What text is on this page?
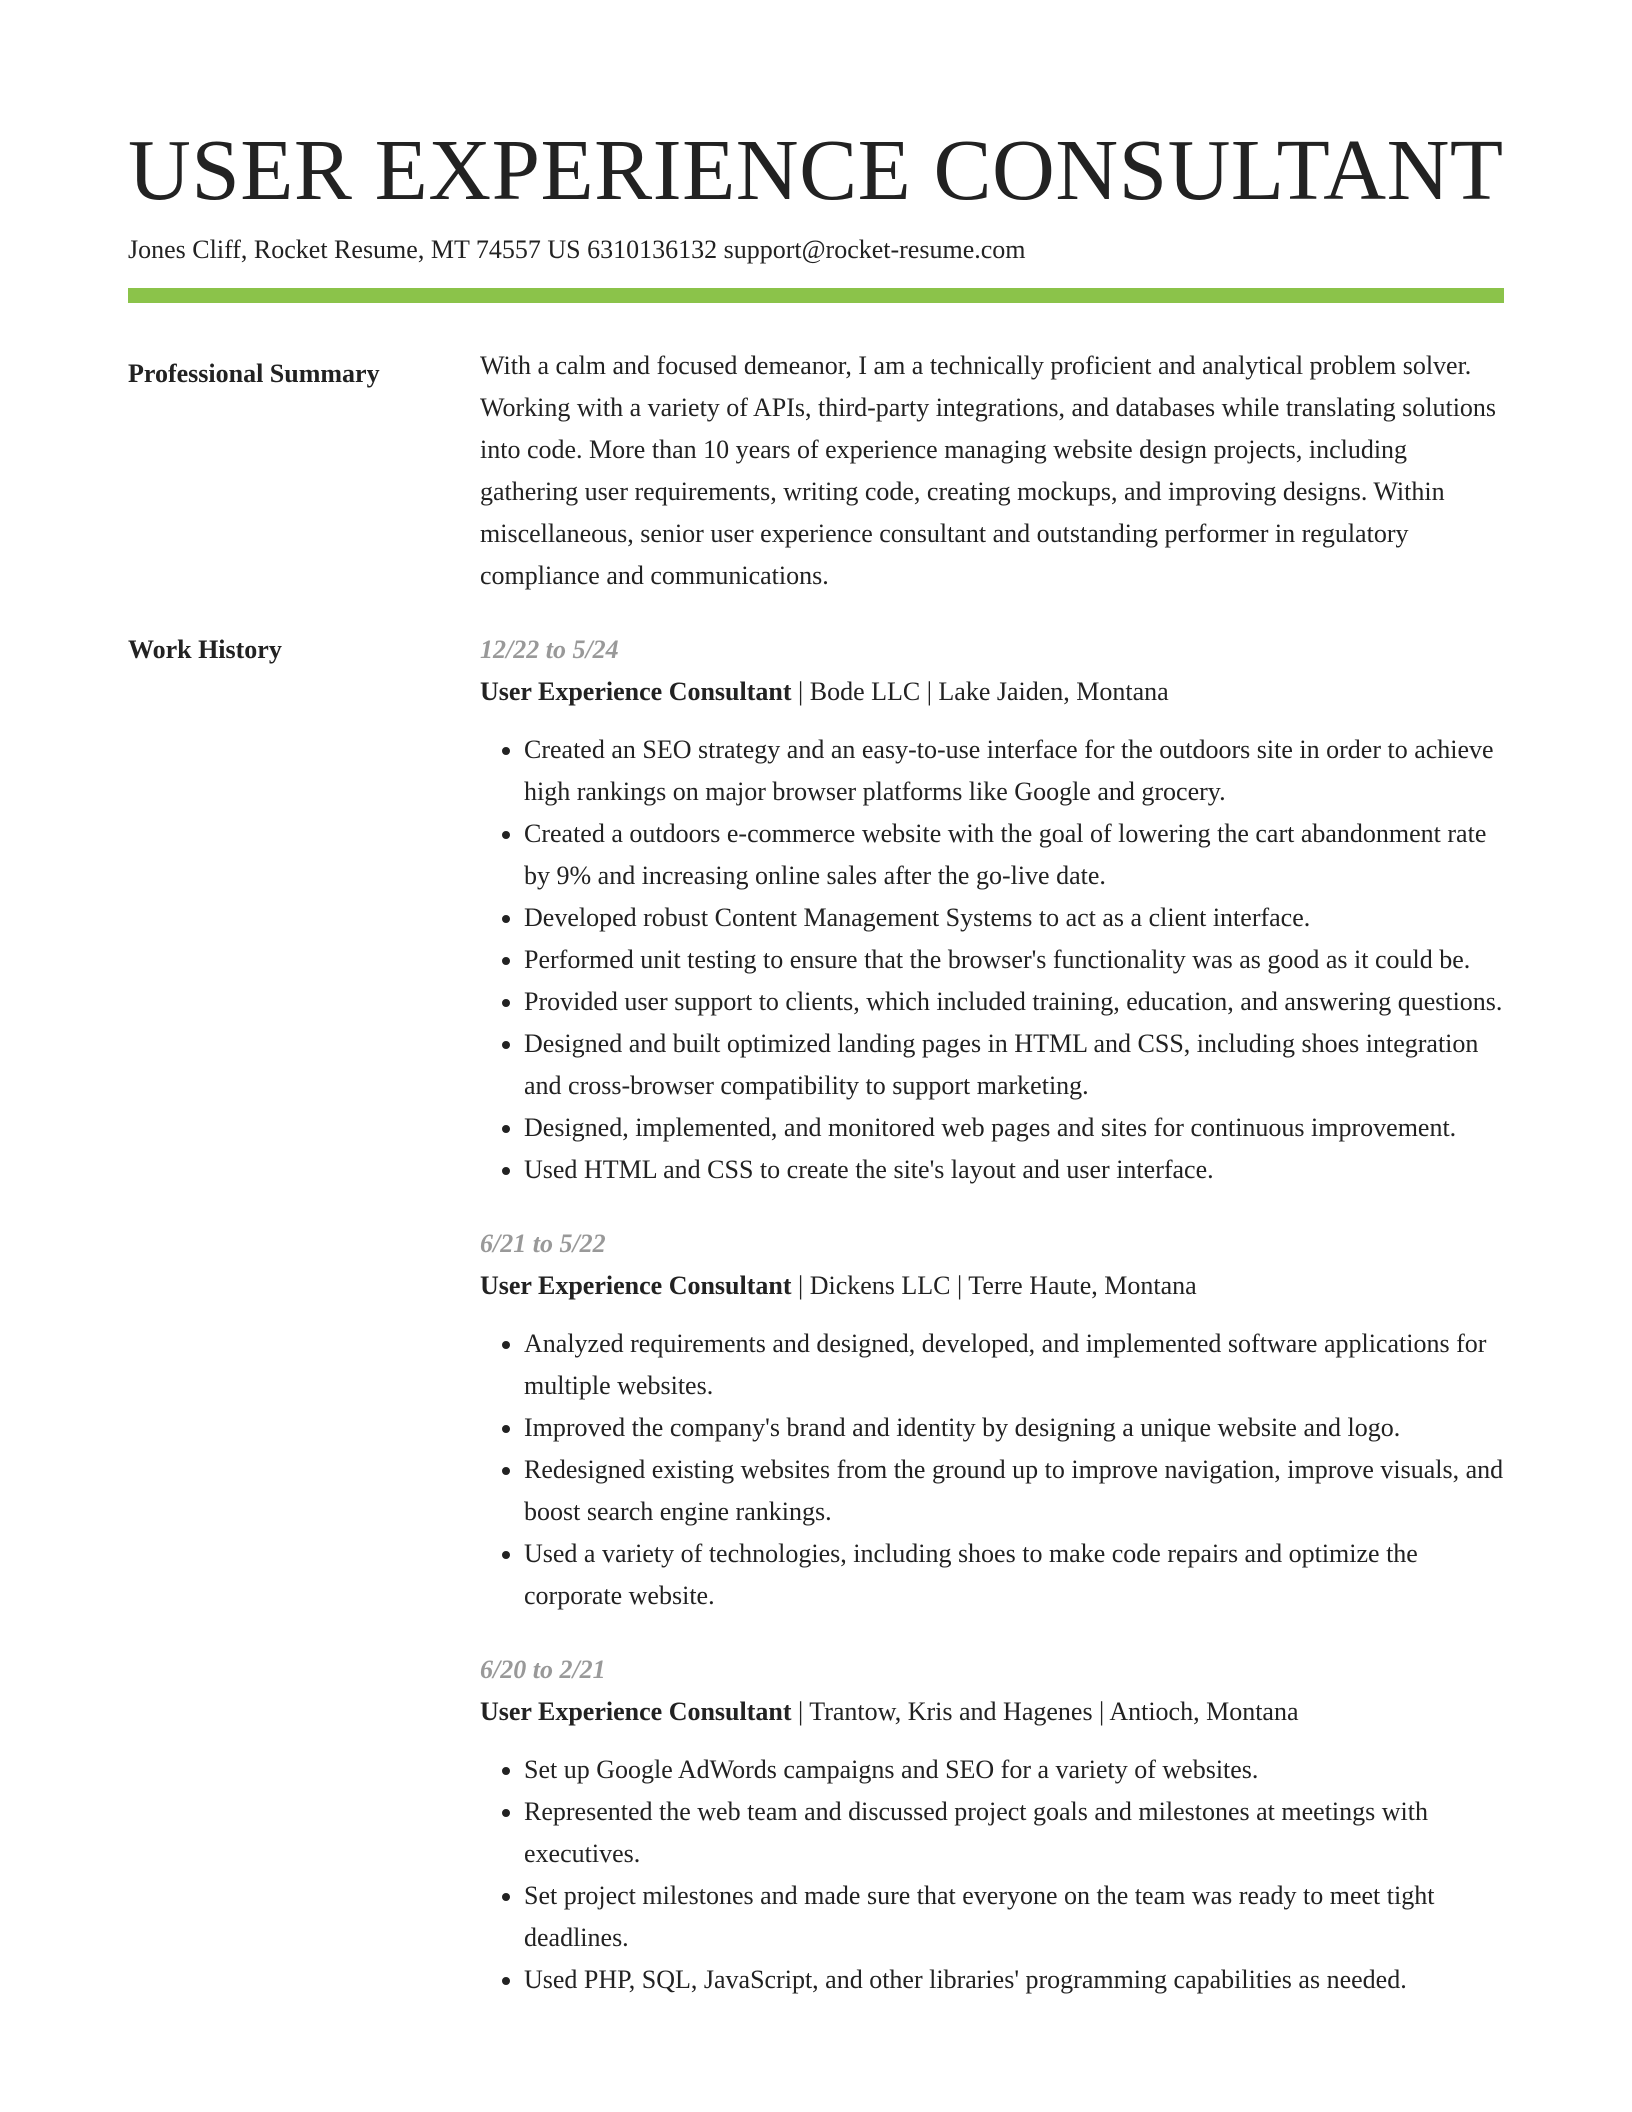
USER EXPERIENCE CONSULTANT
Jones Cliff, Rocket Resume, MT 74557 US 6310136132 support@rocket-resume.com
Professional Summary	With a calm and focused demeanor, I am a technically proficient and analytical problem solver. Working with a variety of APIs, third-party integrations, and databases while translating solutions into code. More than 10 years of experience managing website design projects, including gathering user requirements, writing code, creating mockups, and improving designs. Within miscellaneous, senior user experience consultant and outstanding performer in regulatory compliance and communications.

Work History	12/22 to 5/24
User Experience Consultant | Bode LLC | Lake Jaiden, Montana
• Created an SEO strategy and an easy-to-use interface for the outdoors site in order to achieve high rankings on major browser platforms like Google and grocery.
• Created a outdoors e-commerce website with the goal of lowering the cart abandonment rate by 9% and increasing online sales after the go-live date.
• Developed robust Content Management Systems to act as a client interface.
• Performed unit testing to ensure that the browser's functionality was as good as it could be.
• Provided user support to clients, which included training, education, and answering questions.
• Designed and built optimized landing pages in HTML and CSS, including shoes integration and cross-browser compatibility to support marketing.
• Designed, implemented, and monitored web pages and sites for continuous improvement.
• Used HTML and CSS to create the site's layout and user interface.
6/21 to 5/22
User Experience Consultant | Dickens LLC | Terre Haute, Montana
• Analyzed requirements and designed, developed, and implemented software applications for multiple websites.
• Improved the company's brand and identity by designing a unique website and logo.
• Redesigned existing websites from the ground up to improve navigation, improve visuals, and boost search engine rankings.
• Used a variety of technologies, including shoes to make code repairs and optimize the corporate website.
6/20 to 2/21
User Experience Consultant | Trantow, Kris and Hagenes | Antioch, Montana
• Set up Google AdWords campaigns and SEO for a variety of websites.
• Represented the web team and discussed project goals and milestones at meetings with executives.
• Set project milestones and made sure that everyone on the team was ready to meet tight deadlines.
• Used PHP, SQL, JavaScript, and other libraries' programming capabilities as needed.
